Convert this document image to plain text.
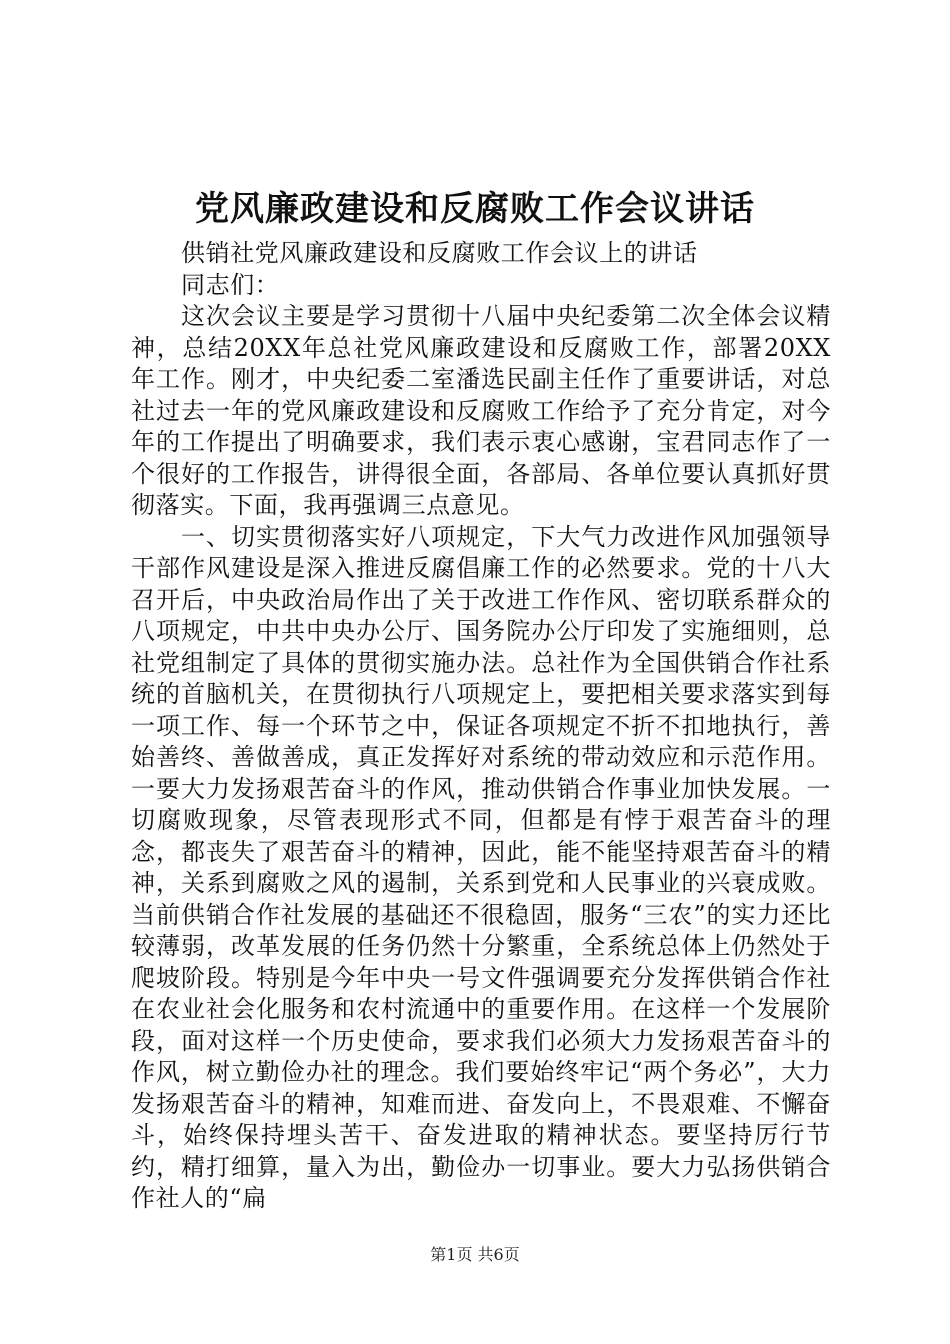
党风廉政建设和反腐败工作会议讲话

供销社党风廉政建设和反腐败工作会议上的讲话

同志们：

这次会议主要是学习贯彻十八届中央纪委第二次全体会议精神，总结20XX年总社党风廉政建设和反腐败工作，部署20XX年工作。刚才，中央纪委二室潘选民副主任作了重要讲话，对总社过去一年的党风廉政建设和反腐败工作给予了充分肯定，对今年的工作提出了明确要求，我们表示衷心感谢，宝君同志作了一个很好的工作报告，讲得很全面，各部局、各单位要认真抓好贯彻落实。下面，我再强调三点意见。

一、切实贯彻落实好八项规定，下大气力改进作风加强领导干部作风建设是深入推进反腐倡廉工作的必然要求。党的十八大召开后，中央政治局作出了关于改进工作作风、密切联系群众的八项规定，中共中央办公厅、国务院办公厅印发了实施细则，总社党组制定了具体的贯彻实施办法。总社作为全国供销合作社系统的首脑机关，在贯彻执行八项规定上，要把相关要求落实到每一项工作、每一个环节之中，保证各项规定不折不扣地执行，善始善终、善做善成，真正发挥好对系统的带动效应和示范作用。一要大力发扬艰苦奋斗的作风，推动供销合作事业加快发展。一切腐败现象，尽管表现形式不同，但都是有悖于艰苦奋斗的理念，都丧失了艰苦奋斗的精神，因此，能不能坚持艰苦奋斗的精神，关系到腐败之风的遏制，关系到党和人民事业的兴衰成败。当前供销合作社发展的基础还不很稳固，服务“三农”的实力还比较薄弱，改革发展的任务仍然十分繁重，全系统总体上仍然处于爬坡阶段。特别是今年中央一号文件强调要充分发挥供销合作社在农业社会化服务和农村流通中的重要作用。在这样一个发展阶段，面对这样一个历史使命，要求我们必须大力发扬艰苦奋斗的作风，树立勤俭办社的理念。我们要始终牢记“两个务必”，大力发扬艰苦奋斗的精神，知难而进、奋发向上，不畏艰难、不懈奋斗，始终保持埋头苦干、奋发进取的精神状态。要坚持厉行节约，精打细算，量入为出，勤俭办一切事业。要大力弘扬供销合作社人的“扁

第1页 共6页
